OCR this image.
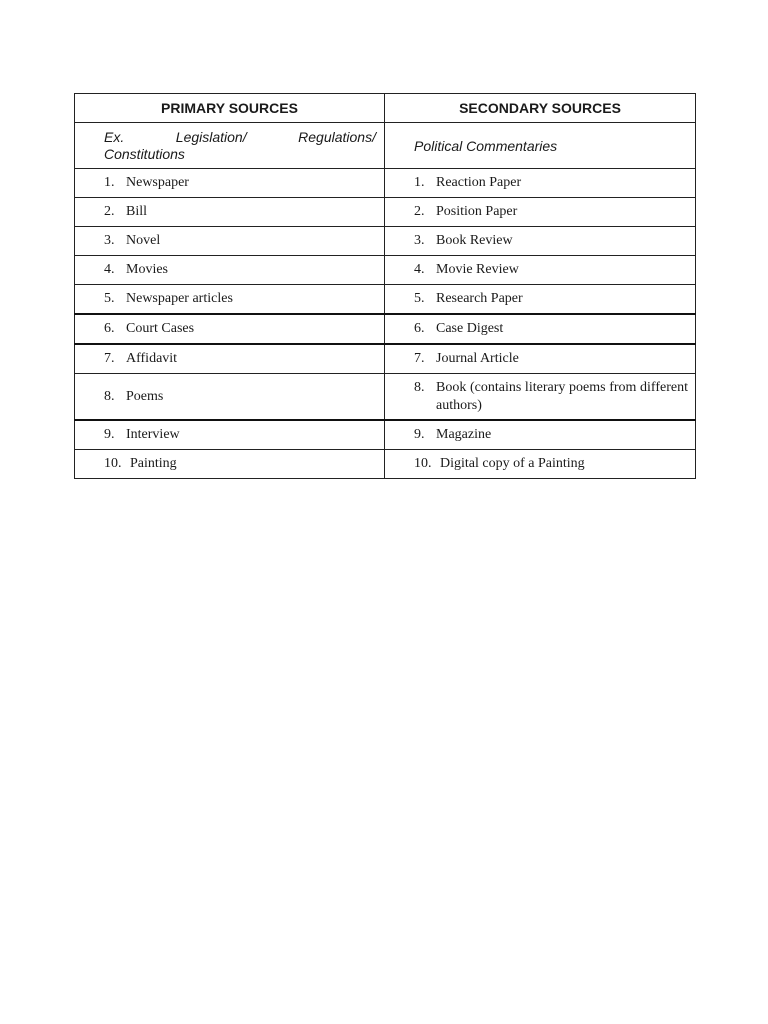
PRIMARY SOURCES	SECONDARY SOURCES

Ex. Legislation/ Regulations/
Constitutions	Political Commentaries

1. Newspaper	1. Reaction Paper

2. Bill	2. Position Paper

3. Novel	3. Book Review

4. Movies	4. Movie Review

5. Newspaper articles	5. Research Paper

6. Court Cases	6. Case Digest

7. Affidavit	7. Journal Article

8. Poems	8. Book (contains literary poems from different authors)

9. Interview	9. Magazine

10. Painting	10. Digital copy of a Painting
